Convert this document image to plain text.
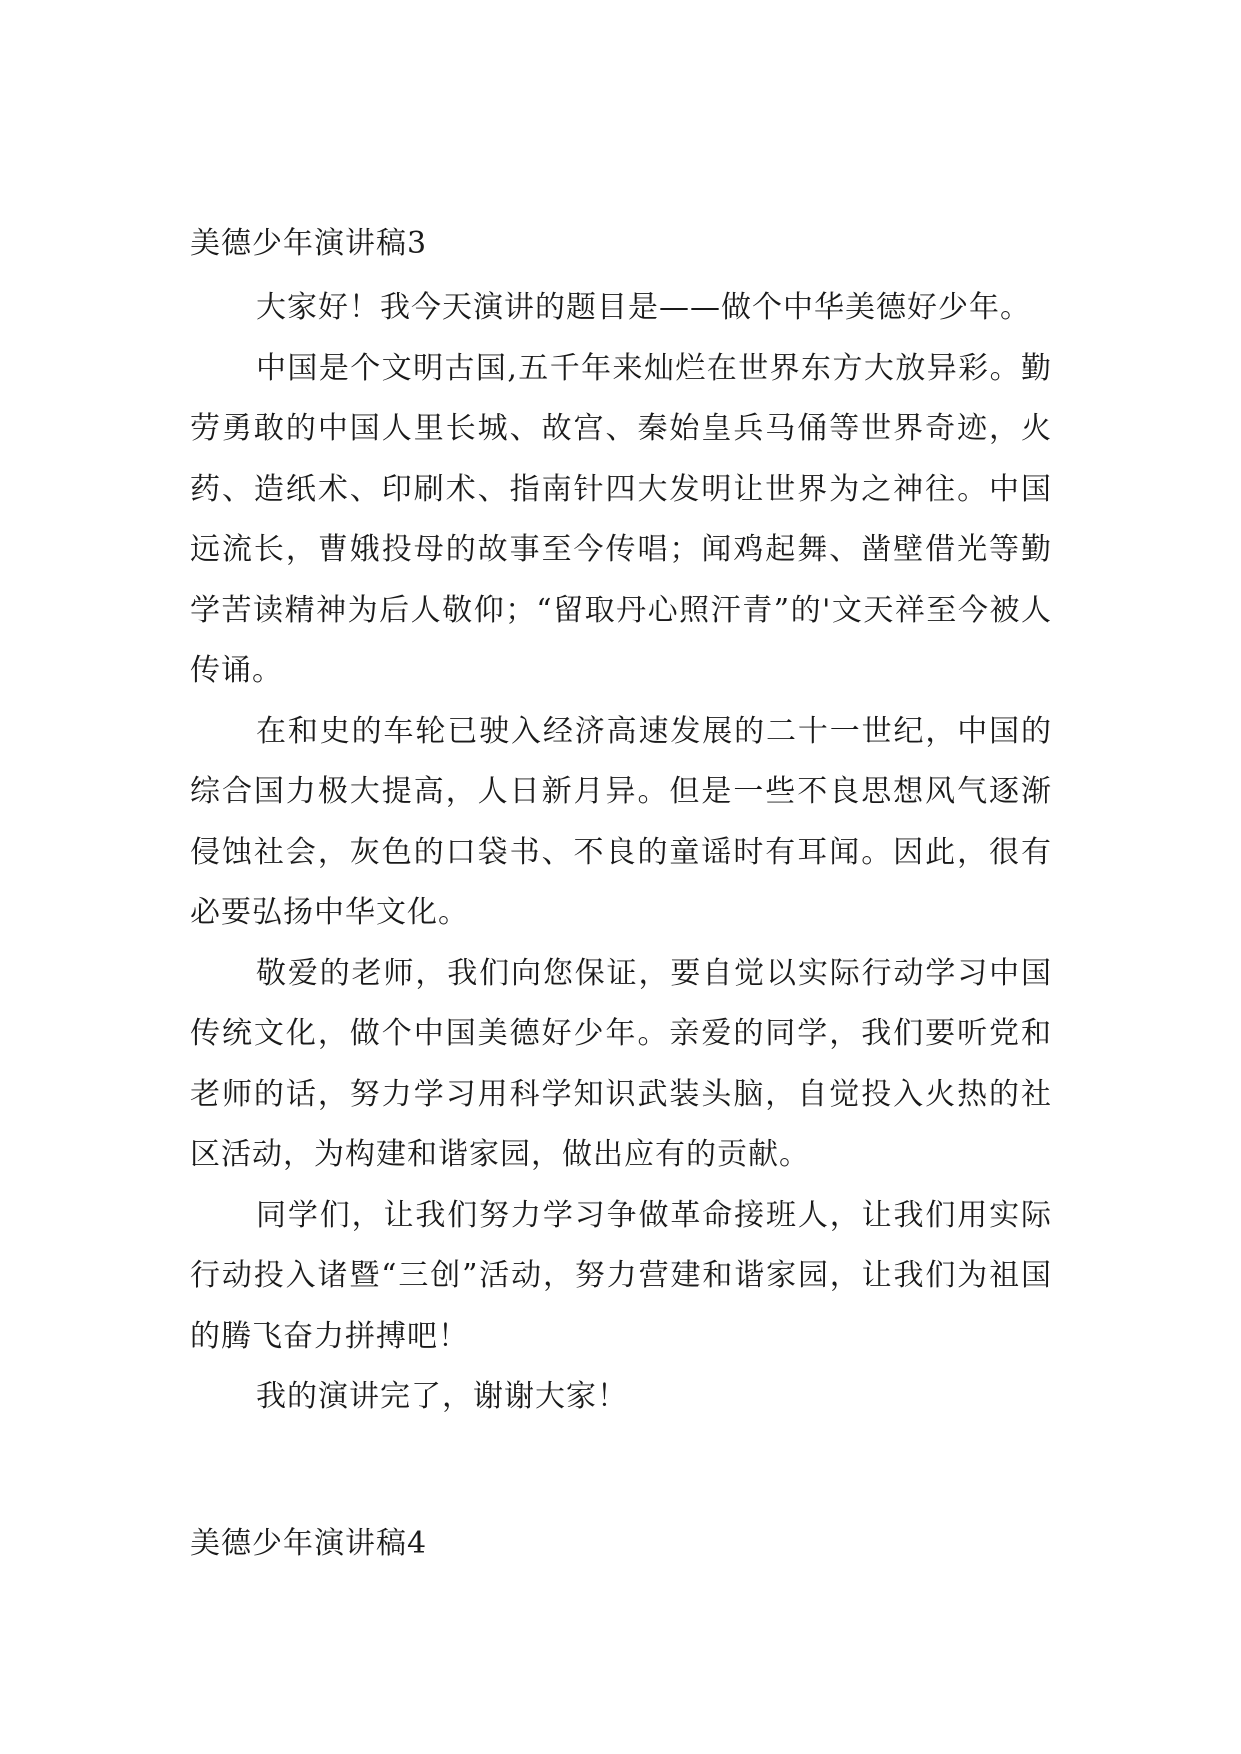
美德少年演讲稿3

大家好！我今天演讲的题目是——做个中华美德好少年。

中国是个文明古国,五千年来灿烂在世界东方大放异彩。勤劳勇敢的中国人里长城、故宫、秦始皇兵马俑等世界奇迹，火药、造纸术、印刷术、指南针四大发明让世界为之神往。中国远流长，曹娥投母的故事至今传唱；闻鸡起舞、凿壁借光等勤学苦读精神为后人敬仰；“留取丹心照汗青”的'文天祥至今被人传诵。

在和史的车轮已驶入经济高速发展的二十一世纪，中国的综合国力极大提高，人日新月异。但是一些不良思想风气逐渐侵蚀社会，灰色的口袋书、不良的童谣时有耳闻。因此，很有必要弘扬中华文化。

敬爱的老师，我们向您保证，要自觉以实际行动学习中国传统文化，做个中国美德好少年。亲爱的同学，我们要听党和老师的话，努力学习用科学知识武装头脑，自觉投入火热的社区活动，为构建和谐家园，做出应有的贡献。

同学们，让我们努力学习争做革命接班人，让我们用实际行动投入诸暨“三创”活动，努力营建和谐家园，让我们为祖国的腾飞奋力拼搏吧！

我的演讲完了，谢谢大家！

美德少年演讲稿4
